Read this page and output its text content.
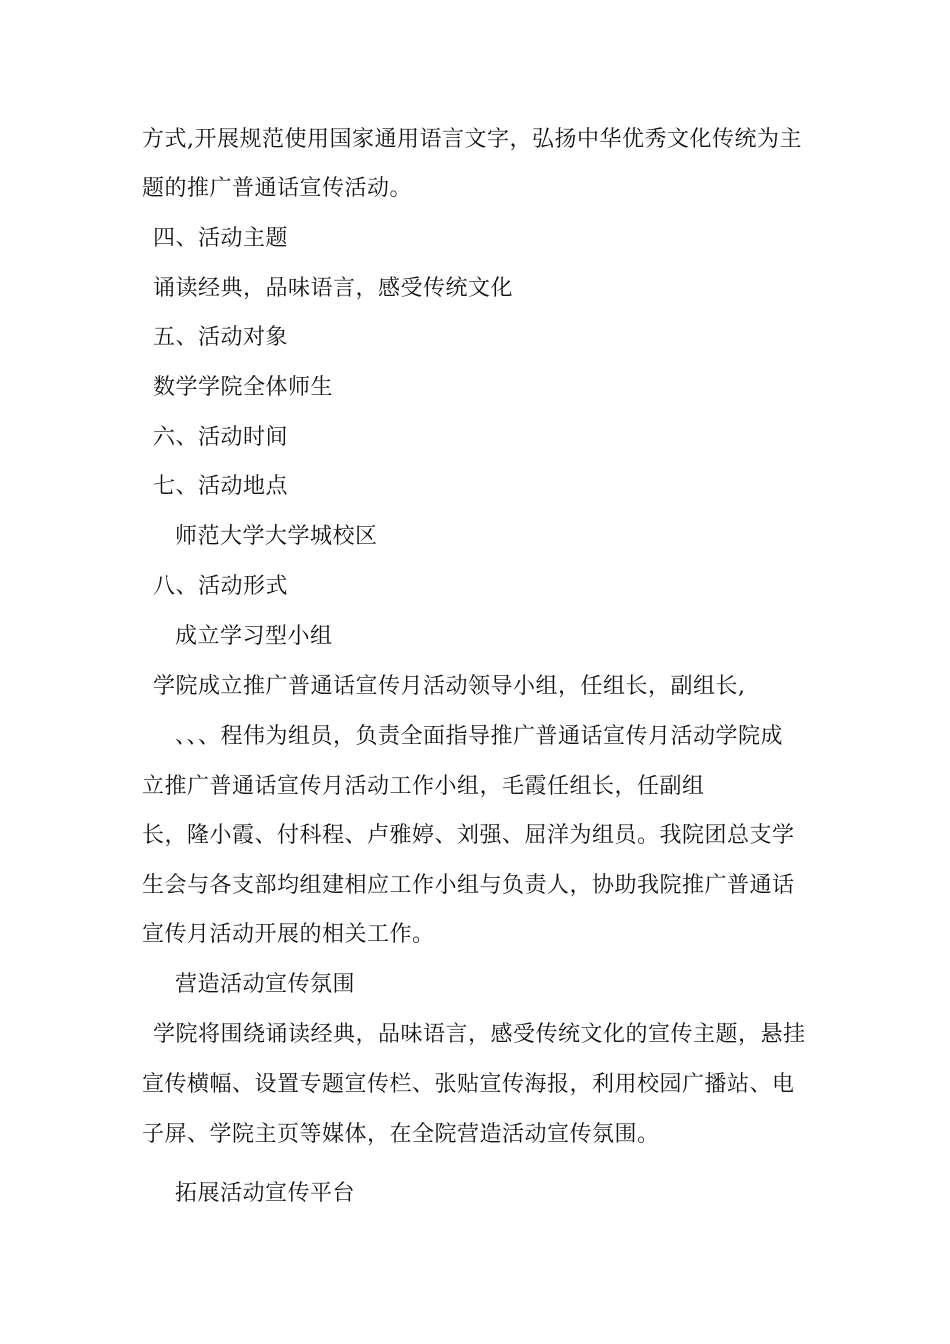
方式,开展规范使用国家通用语言文字，弘扬中华优秀文化传统为主
题的推广普通话宣传活动。
四、活动主题
诵读经典，品味语言，感受传统文化
五、活动对象
数学学院全体师生
六、活动时间
七、活动地点
师范大学大学城校区
八、活动形式
成立学习型小组
学院成立推广普通话宣传月活动领导小组，任组长，副组长,
、、、程伟为组员，负责全面指导推广普通话宣传月活动学院成
立推广普通话宣传月活动工作小组，毛霞任组长，任副组
长，隆小霞、付科程、卢雅婷、刘强、屈洋为组员。我院团总支学
生会与各支部均组建相应工作小组与负责人，协助我院推广普通话
宣传月活动开展的相关工作。
营造活动宣传氛围
学院将围绕诵读经典，品味语言，感受传统文化的宣传主题，悬挂
宣传横幅、设置专题宣传栏、张贴宣传海报，利用校园广播站、电
子屏、学院主页等媒体，在全院营造活动宣传氛围。
拓展活动宣传平台
